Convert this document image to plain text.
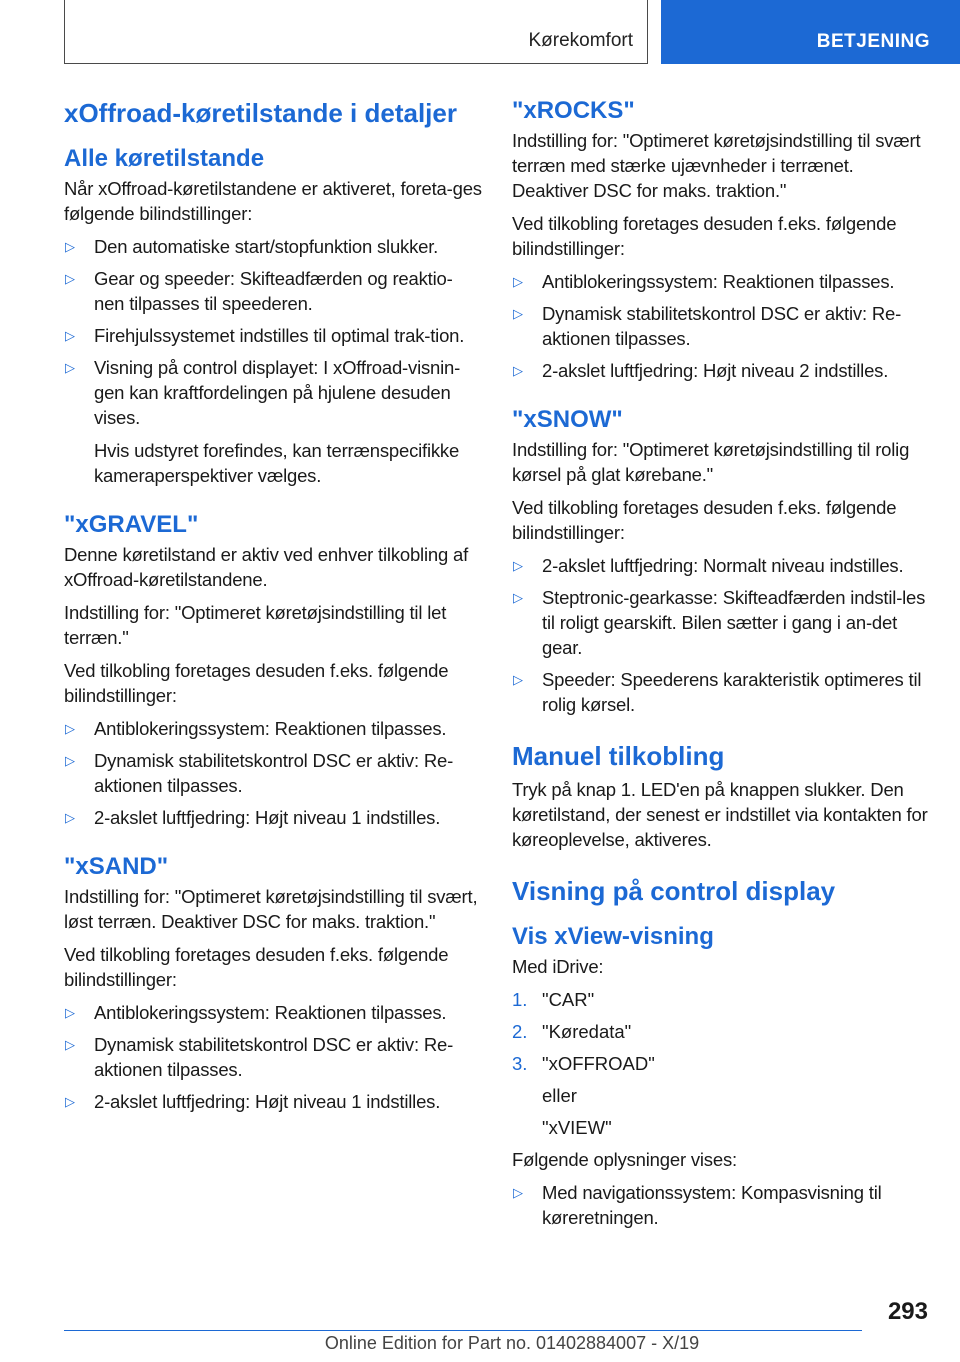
Kørekomfort	BETJENING
xOffroad-køretilstande i detaljer
Alle køretilstande
Når xOffroad-køretilstandene er aktiveret, foreta-ges følgende bilindstillinger:
▷ Den automatiske start/stopfunktion slukker.
▷ Gear og speeder: Skifteadfærden og reaktio-nen tilpasses til speederen.
▷ Firehjulssystemet indstilles til optimal trak-tion.
▷ Visning på control displayet: I xOffroad-visnin-gen kan kraftfordelingen på hjulene desuden vises.
Hvis udstyret forefindes, kan terrænspecifikke kameraperspektiver vælges.
"xGRAVEL"
Denne køretilstand er aktiv ved enhver tilkobling af xOffroad-køretilstandene.
Indstilling for: "Optimeret køretøjsindstilling til let terræn."
Ved tilkobling foretages desuden f.eks. følgende bilindstillinger:
▷ Antiblokeringssystem: Reaktionen tilpasses.
▷ Dynamisk stabilitetskontrol DSC er aktiv: Re-aktionen tilpasses.
▷ 2-akslet luftfjedring: Højt niveau 1 indstilles.
"xSAND"
Indstilling for: "Optimeret køretøjsindstilling til svært, løst terræn. Deaktiver DSC for maks. traktion."
Ved tilkobling foretages desuden f.eks. følgende bilindstillinger:
▷ Antiblokeringssystem: Reaktionen tilpasses.
▷ Dynamisk stabilitetskontrol DSC er aktiv: Re-aktionen tilpasses.
▷ 2-akslet luftfjedring: Højt niveau 1 indstilles.
"xROCKS"
Indstilling for: "Optimeret køretøjsindstilling til svært terræn med stærke ujævnheder i terrænet. Deaktiver DSC for maks. traktion."
Ved tilkobling foretages desuden f.eks. følgende bilindstillinger:
▷ Antiblokeringssystem: Reaktionen tilpasses.
▷ Dynamisk stabilitetskontrol DSC er aktiv: Re-aktionen tilpasses.
▷ 2-akslet luftfjedring: Højt niveau 2 indstilles.
"xSNOW"
Indstilling for: "Optimeret køretøjsindstilling til rolig kørsel på glat kørebane."
Ved tilkobling foretages desuden f.eks. følgende bilindstillinger:
▷ 2-akslet luftfjedring: Normalt niveau indstilles.
▷ Steptronic-gearkasse: Skifteadfærden indstil-les til roligt gearskift. Bilen sætter i gang i an-det gear.
▷ Speeder: Speederens karakteristik optimeres til rolig kørsel.
Manuel tilkobling
Tryk på knap 1. LED'en på knappen slukker. Den køretilstand, der senest er indstillet via kontakten for køreoplevelse, aktiveres.
Visning på control display
Vis xView-visning
Med iDrive:
1. "CAR"
2. "Køredata"
3. "xOFFROAD"
eller
"xVIEW"
Følgende oplysninger vises:
▷ Med navigationssystem: Kompasvisning til køreretningen.
293
Online Edition for Part no. 01402884007 - X/19
